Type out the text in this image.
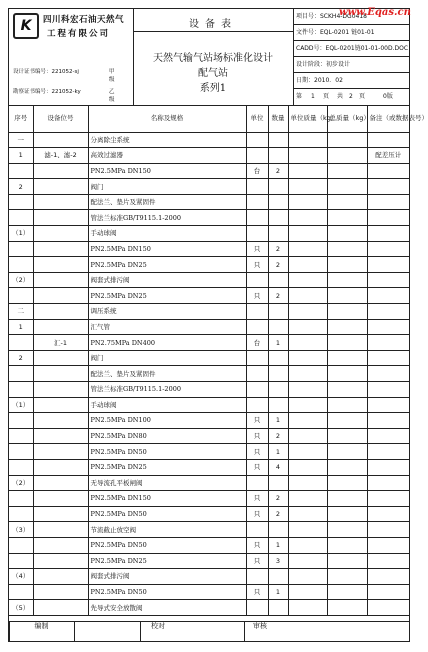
www.Eqas.cn
K	四川科宏石油天然气
工程有限公司
设计证书编号：221052-sj	甲级
勘察证书编号：221052-ky	乙级
设备表
天然气输气站场标准化设计
配气站
系列1
项目号：SCKH4-DG0418
文件号：EQL-0201 链01-01
CADD号：EQL-0201链01-01-00D.DOC
设计阶段：初步设计
日期：2010．02
第 1 页 共 2 页	0版
序号	设备位号	名称及规格	单位	数量	单位质量（kg）	总质量（kg）	备注（或数据表号）
一		分离除尘系统					
1	滤-1、滤-2	高效过滤器					配差压计
		PN2.5MPa DN150	台	2			
2		阀门					
		配法兰、垫片及紧固件					
		管法兰标准GB/T9115.1-2000					
（1）		手动球阀					
		PN2.5MPa DN150	只	2			
		PN2.5MPa DN25	只	2			
（2）		阀套式排污阀					
		PN2.5MPa DN25	只	2			
二		调压系统					
1		汇气管					
	汇-1	PN2.75MPa DN400	台	1			
2		阀门					
		配法兰、垫片及紧固件					
		管法兰标准GB/T9115.1-2000					
（1）		手动球阀					
		PN2.5MPa DN100	只	1			
		PN2.5MPa DN80	只	2			
		PN2.5MPa DN50	只	1			
		PN2.5MPa DN25	只	4			
（2）		无导流孔平板闸阀					
		PN2.5MPa DN150	只	2			
		PN2.5MPa DN50	只	2			
（3）		节流截止放空阀					
		PN2.5MPa DN50	只	1			
		PN2.5MPa DN25	只	3			
（4）		阀套式排污阀					
		PN2.5MPa DN50	只	1			
（5）		先导式安全放散阀					
编制	校对	审核
